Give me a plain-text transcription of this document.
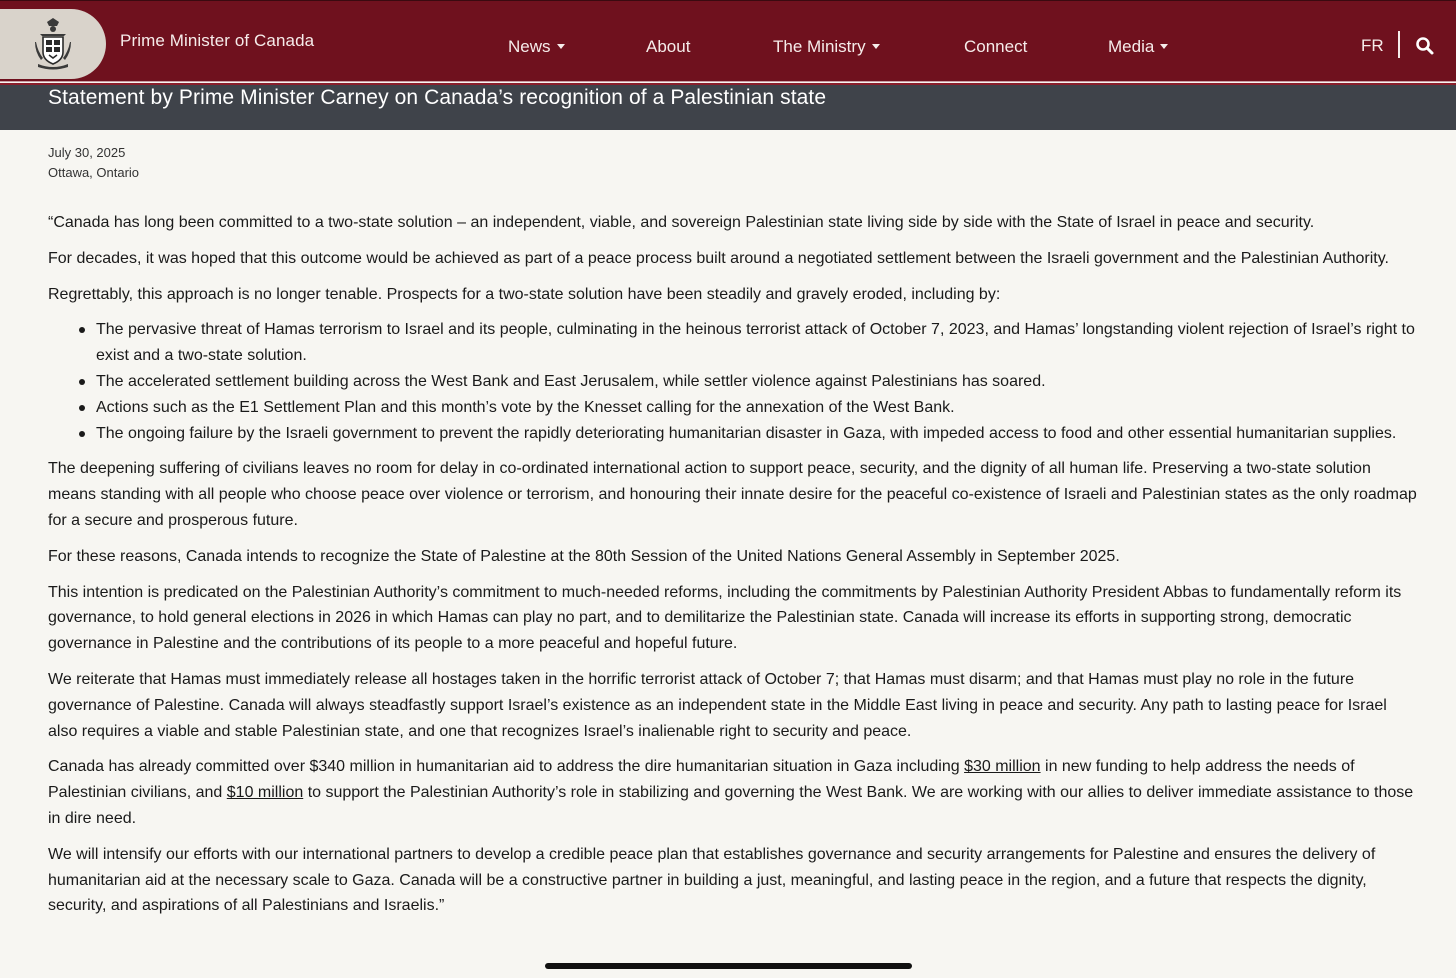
Prime Minister of Canada	News	About	The Ministry	Connect	Media	FR
Statement by Prime Minister Carney on Canada’s recognition of a Palestinian state
July 30, 2025
Ottawa, Ontario

“Canada has long been committed to a two-state solution – an independent, viable, and sovereign Palestinian state living side by side with the State of Israel in peace and security.

For decades, it was hoped that this outcome would be achieved as part of a peace process built around a negotiated settlement between the Israeli government and the Palestinian Authority.

Regrettably, this approach is no longer tenable. Prospects for a two-state solution have been steadily and gravely eroded, including by:

The pervasive threat of Hamas terrorism to Israel and its people, culminating in the heinous terrorist attack of October 7, 2023, and Hamas’ longstanding violent rejection of Israel’s right to exist and a two-state solution.
The accelerated settlement building across the West Bank and East Jerusalem, while settler violence against Palestinians has soared.
Actions such as the E1 Settlement Plan and this month’s vote by the Knesset calling for the annexation of the West Bank.
The ongoing failure by the Israeli government to prevent the rapidly deteriorating humanitarian disaster in Gaza, with impeded access to food and other essential humanitarian supplies.

The deepening suffering of civilians leaves no room for delay in co-ordinated international action to support peace, security, and the dignity of all human life. Preserving a two-state solution means standing with all people who choose peace over violence or terrorism, and honouring their innate desire for the peaceful co-existence of Israeli and Palestinian states as the only roadmap for a secure and prosperous future.

For these reasons, Canada intends to recognize the State of Palestine at the 80th Session of the United Nations General Assembly in September 2025.

This intention is predicated on the Palestinian Authority’s commitment to much-needed reforms, including the commitments by Palestinian Authority President Abbas to fundamentally reform its governance, to hold general elections in 2026 in which Hamas can play no part, and to demilitarize the Palestinian state. Canada will increase its efforts in supporting strong, democratic governance in Palestine and the contributions of its people to a more peaceful and hopeful future.

We reiterate that Hamas must immediately release all hostages taken in the horrific terrorist attack of October 7; that Hamas must disarm; and that Hamas must play no role in the future governance of Palestine. Canada will always steadfastly support Israel’s existence as an independent state in the Middle East living in peace and security. Any path to lasting peace for Israel also requires a viable and stable Palestinian state, and one that recognizes Israel’s inalienable right to security and peace.

Canada has already committed over $340 million in humanitarian aid to address the dire humanitarian situation in Gaza including $30 million in new funding to help address the needs of Palestinian civilians, and $10 million to support the Palestinian Authority’s role in stabilizing and governing the West Bank. We are working with our allies to deliver immediate assistance to those in dire need.

We will intensify our efforts with our international partners to develop a credible peace plan that establishes governance and security arrangements for Palestine and ensures the delivery of humanitarian aid at the necessary scale to Gaza. Canada will be a constructive partner in building a just, meaningful, and lasting peace in the region, and a future that respects the dignity, security, and aspirations of all Palestinians and Israelis.”
